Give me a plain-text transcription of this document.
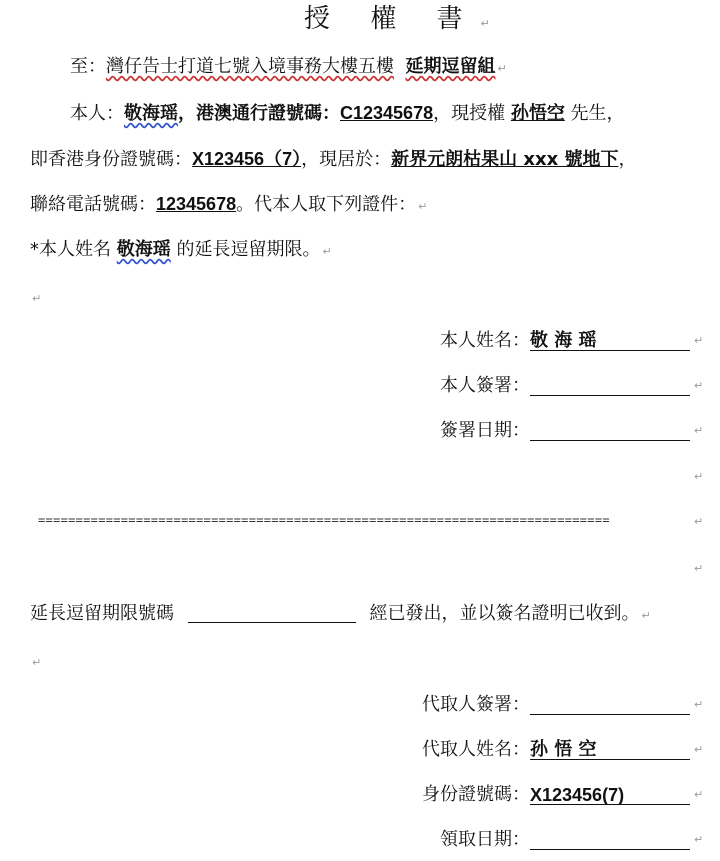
授 權 書 ↵
至：灣仔告士打道七號入境事務大樓五樓 延期逗留組 ↵
本人：敬海瑶，港澳通行證號碼：C12345678，現授權 孙悟空 先生，
即香港身份證號碼：X123456（7），現居於：新界元朗枯果山 xxx 號地下，
聯絡電話號碼：12345678。代本人取下列證件： ↵
*本人姓名 敬海瑶 的延長逗留期限。 ↵
↵
本人姓名：敬 海 瑶	↵
本人簽署：	↵
簽署日期：	↵
↵
============================================================================	↵
↵
延長逗留期限號碼	經已發出，並以簽名證明已收到。 ↵
↵
代取人簽署：	↵
代取人姓名：孙 悟 空	↵
身份證號碼：X123456(7)	↵
領取日期：	↵
